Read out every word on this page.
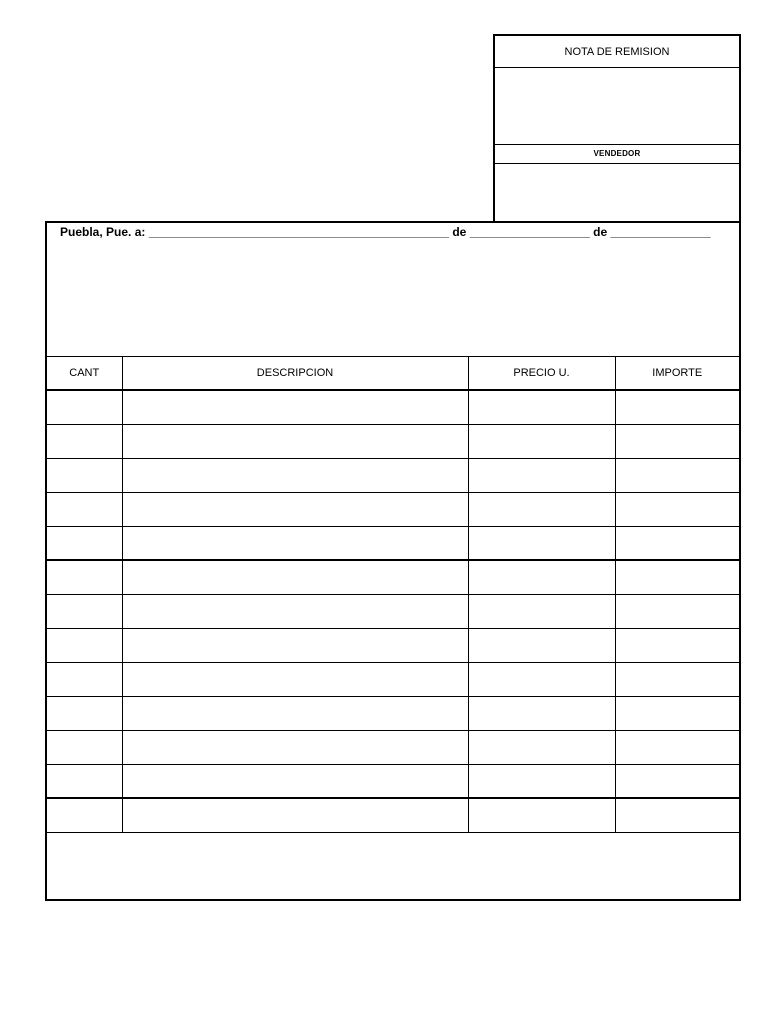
NOTA DE REMISION
VENDEDOR
Puebla, Pue. a: _____________________________________________ de __________________ de _______________
CANT	DESCRIPCION	PRECIO U.	IMPORTE
